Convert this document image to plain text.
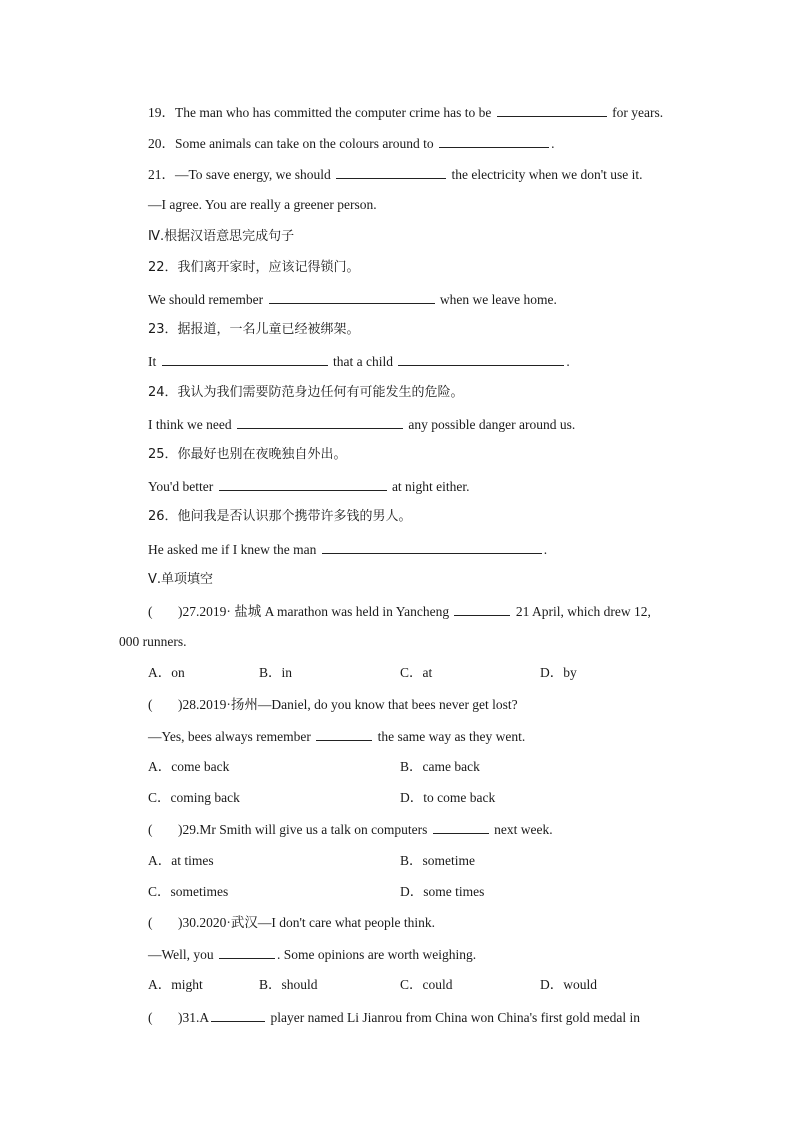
19．The man who has committed the computer crime has to be	for years.
20．Some animals can take on the colours around to	.
21．—To save energy, we should	the electricity when we don't use it.
—I agree. You are really a greener person.
Ⅳ.根据汉语意思完成句子
22．我们离开家时，应该记得锁门。
We should remember	when we leave home.
23．据报道，一名儿童已经被绑架。
It	that a child	.
24．我认为我们需要防范身边任何有可能发生的危险。
I think we need	any possible danger around us.
25．你最好也别在夜晚独自外出。
You'd better	at night either.
26．他问我是否认识那个携带许多钱的男人。
He asked me if I knew the man	.
Ⅴ.单项填空
( )27.2019· 盐城 A marathon was held in Yancheng	21 April, which drew 12,
000 runners.
A．on	B．in	C．at	D．by
( )28.2019·扬州—Daniel, do you know that bees never get lost?
—Yes, bees always remember	the same way as they went.
A．come back	B．came back
C．coming back	D．to come back
( )29.Mr Smith will give us a talk on computers	next week.
A．at times	B．sometime
C．sometimes	D．some times
( )30.2020·武汉—I don't care what people think.
—Well, you	. Some opinions are worth weighing.
A．might	B．should	C．could	D．would
( )31.A	player named Li Jianrou from China won China's first gold medal in
